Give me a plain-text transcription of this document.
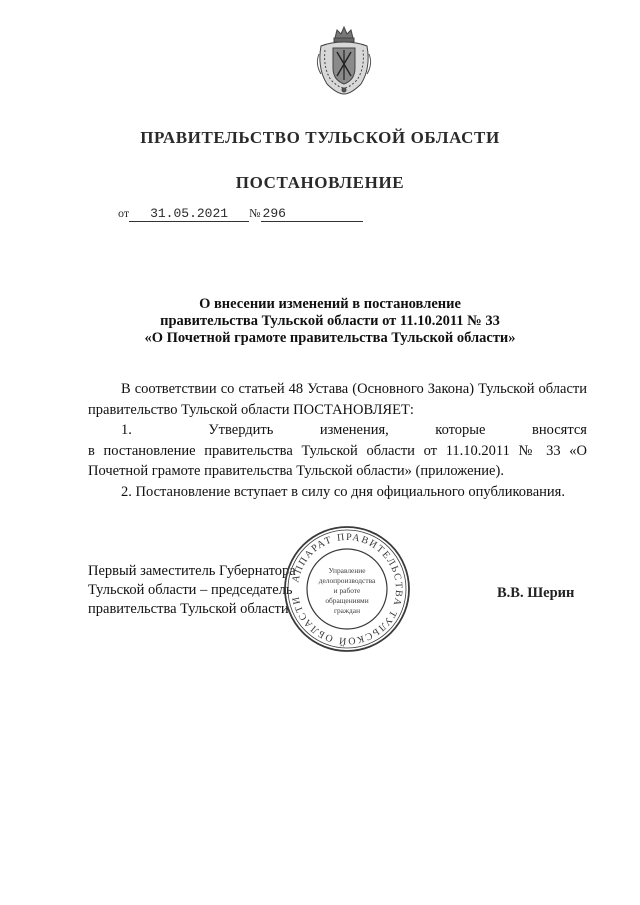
ПРАВИТЕЛЬСТВО ТУЛЬСКОЙ ОБЛАСТИ
ПОСТАНОВЛЕНИЕ
от 31.05.2021 № 296
О внесении изменений в постановление
правительства Тульской области от 11.10.2011 № 33
«О Почетной грамоте правительства Тульской области»

В соответствии со статьей 48 Устава (Основного Закона) Тульской области правительство Тульской области ПОСТАНОВЛЯЕТ:

1.	Утвердить	изменения,	которые	вносятся

в постановление правительства Тульской области от 11.10.2011 № 33 «О Почетной грамоте правительства Тульской области» (приложение).

2. Постановление вступает в силу со дня официального опубликования.

Первый заместитель Губернатора
Тульской области – председатель
правительства Тульской области
В.В. Шерин
АППАРАТ ПРАВИТЕЛЬСТВА ТУЛЬСКОЙ ОБЛАСТИ
Управление
делопроизводства
и работе
обращениями
граждан
